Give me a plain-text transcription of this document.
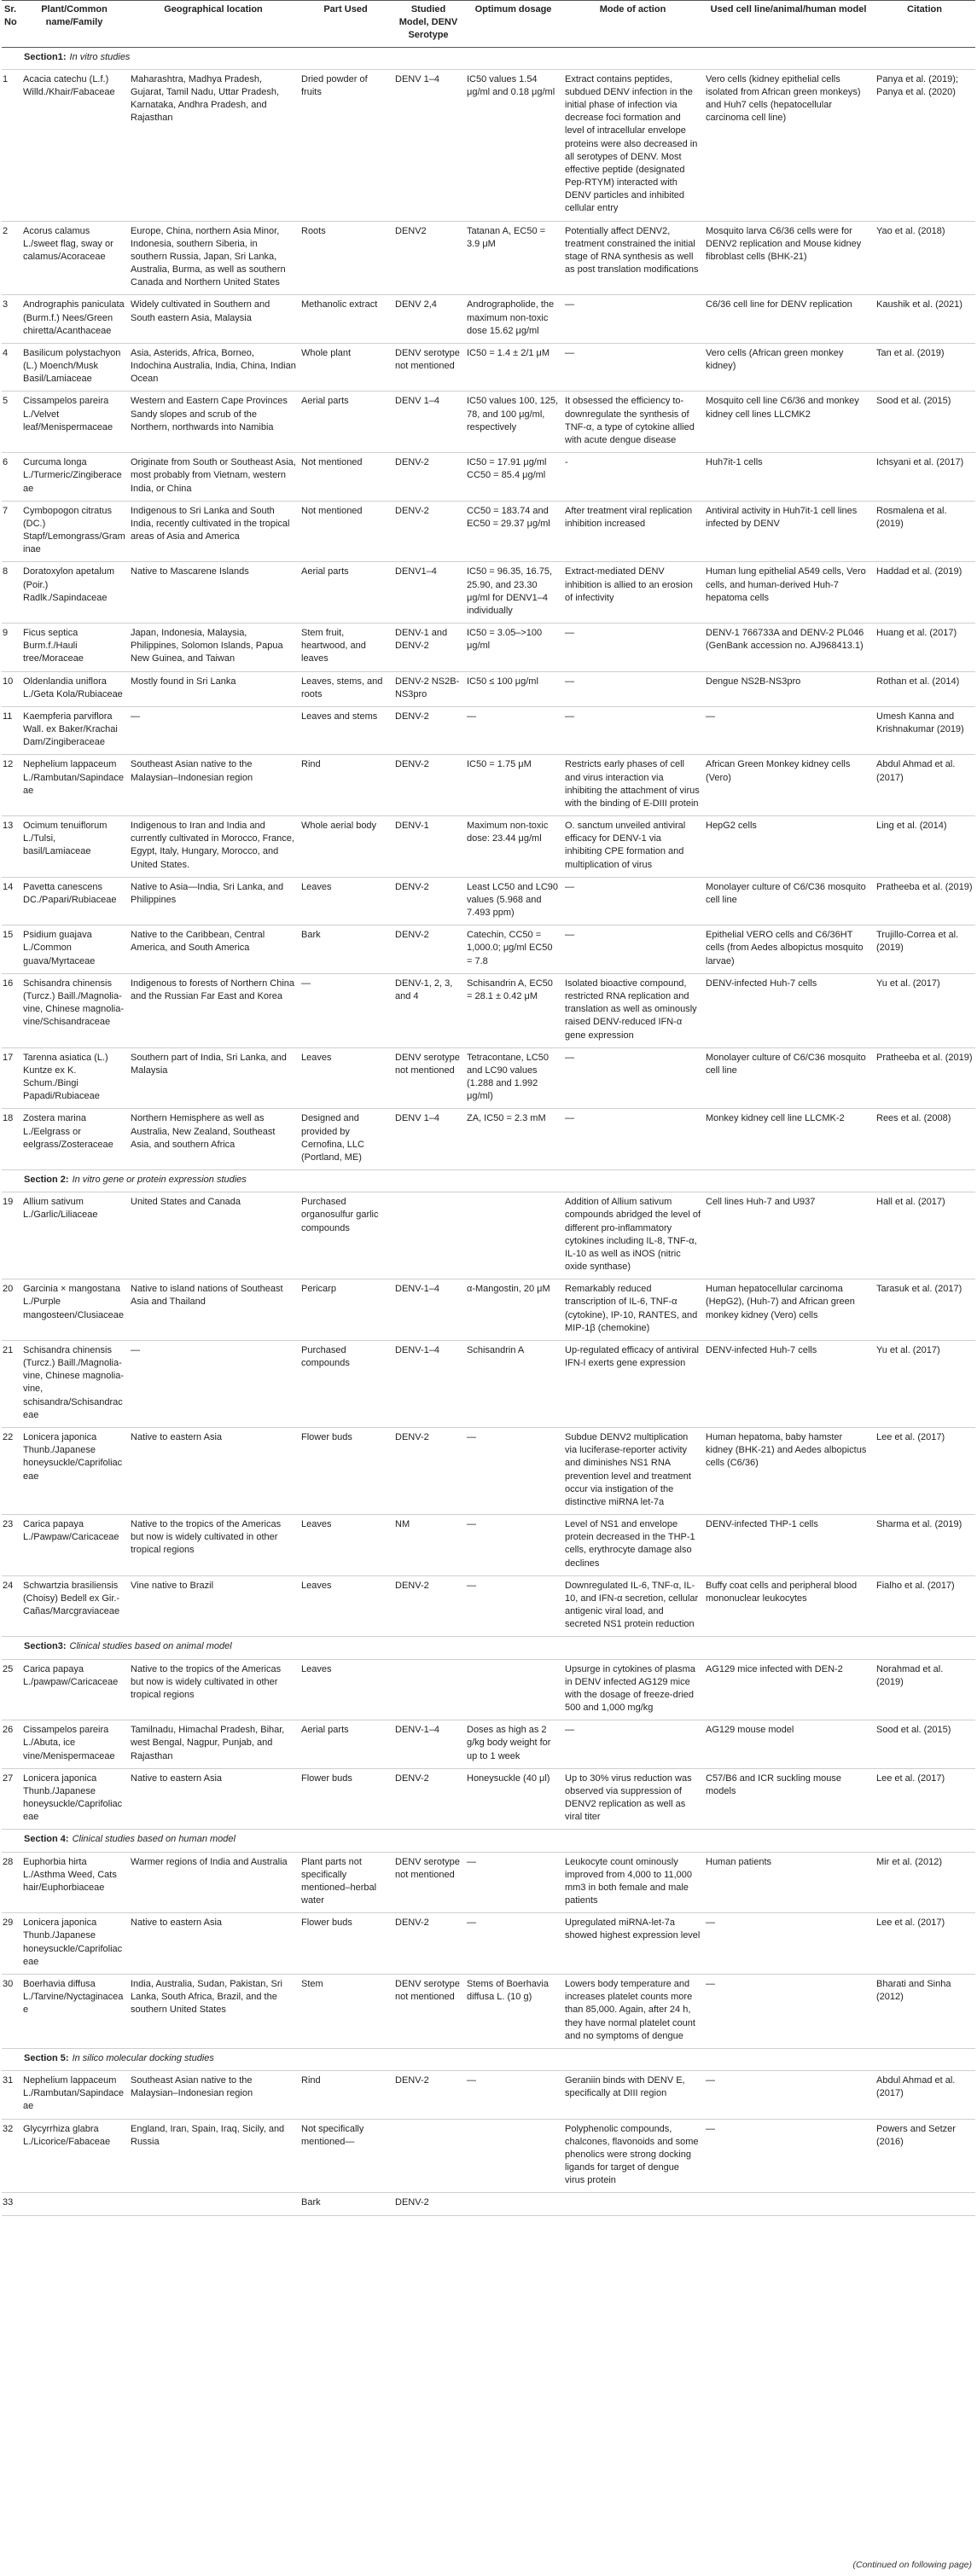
Sr. No	Plant/Common name/Family	Geographical location	Part Used	Studied Model, DENV Serotype	Optimum dosage	Mode of action	Used cell line/animal/human model	Citation
Section1: In vitro studies								
1	Acacia catechu (L.f.) Willd./Khair/Fabaceae	Maharashtra, Madhya Pradesh, Gujarat, Tamil Nadu, Uttar Pradesh, Karnataka, Andhra Pradesh, and Rajasthan	Dried powder of fruits	DENV 1–4	IC50 values 1.54 μg/ml and 0.18 μg/ml	Extract contains peptides, subdued DENV infection in the initial phase of infection via decrease foci formation and level of intracellular envelope proteins were also decreased in all serotypes of DENV. Most effective peptide (designated Pep-RTYM) interacted with DENV particles and inhibited cellular entry	Vero cells (kidney epithelial cells isolated from African green monkeys) and Huh7 cells (hepatocellular carcinoma cell line)	Panya et al. (2019); Panya et al. (2020)
2	Acorus calamus L./sweet flag, sway or calamus/Acoraceae	Europe, China, northern Asia Minor, Indonesia, southern Siberia, in southern Russia, Japan, Sri Lanka, Australia, Burma, as well as southern Canada and Northern United States	Roots	DENV2	Tatanan A, EC50 = 3.9 μM	Potentially affect DENV2, treatment constrained the initial stage of RNA synthesis as well as post translation modifications	Mosquito larva C6/36 cells were for DENV2 replication and Mouse kidney fibroblast cells (BHK-21)	Yao et al. (2018)
3	Andrographis paniculata (Burm.f.) Nees/Green chiretta/Acanthaceae	Widely cultivated in Southern and South eastern Asia, Malaysia	Methanolic extract	DENV 2,4	Andrographolide, the maximum non-toxic dose 15.62 μg/ml	—	C6/36 cell line for DENV replication	Kaushik et al. (2021)
4	Basilicum polystachyon (L.) Moench/Musk Basil/Lamiaceae	Asia, Asterids, Africa, Borneo, Indochina Australia, India, China, Indian Ocean	Whole plant	DENV serotype not mentioned	IC50 = 1.4 ± 2/1 μM	—	Vero cells (African green monkey kidney)	Tan et al. (2019)
5	Cissampelos pareira L./Velvet leaf/Menispermaceae	Western and Eastern Cape Provinces Sandy slopes and scrub of the Northern, northwards into Namibia	Aerial parts	DENV 1–4	IC50 values 100, 125, 78, and 100 μg/ml, respectively	It obsessed the efficiency to-downregulate the synthesis of TNF-α, a type of cytokine allied with acute dengue disease	Mosquito cell line C6/36 and monkey kidney cell lines LLCMK2	Sood et al. (2015)
6	Curcuma longa L./Turmeric/Zingiberaceae	Originate from South or Southeast Asia, most probably from Vietnam, western India, or China	Not mentioned	DENV-2	IC50 = 17.91 μg/ml CC50 = 85.4 μg/ml	-	Huh7it-1 cells	Ichsyani et al. (2017)
7	Cymbopogon citratus (DC.) Stapf/Lemongrass/Graminae	Indigenous to Sri Lanka and South India, recently cultivated in the tropical areas of Asia and America	Not mentioned	DENV-2	CC50 = 183.74 and EC50 = 29.37 μg/ml	After treatment viral replication inhibition increased	Antiviral activity in Huh7it-1 cell lines infected by DENV	Rosmalena et al. (2019)
8	Doratoxylon apetalum (Poir.) Radlk./Sapindaceae	Native to Mascarene Islands	Aerial parts	DENV1–4	IC50 = 96.35, 16.75, 25.90, and 23.30 μg/ml for DENV1–4 individually	Extract-mediated DENV inhibition is allied to an erosion of infectivity	Human lung epithelial A549 cells, Vero cells, and human-derived Huh-7 hepatoma cells	Haddad et al. (2019)
9	Ficus septica Burm.f./Hauli tree/Moraceae	Japan, Indonesia, Malaysia, Philippines, Solomon Islands, Papua New Guinea, and Taiwan	Stem fruit, heartwood, and leaves	DENV-1 and DENV-2	IC50 = 3.05–>100 μg/ml	—	DENV-1 766733A and DENV-2 PL046 (GenBank accession no. AJ968413.1)	Huang et al. (2017)
10	Oldenlandia uniflora L./Geta Kola/Rubiaceae	Mostly found in Sri Lanka	Leaves, stems, and roots	DENV-2 NS2B-NS3pro	IC50 ≤ 100 μg/ml	—	Dengue NS2B-NS3pro	Rothan et al. (2014)
11	Kaempferia parviflora Wall. ex Baker/Krachai Dam/Zingiberaceae	—	Leaves and stems	DENV-2	—	—	—	Umesh Kanna and Krishnakumar (2019)
12	Nephelium lappaceum L./Rambutan/Sapindaceae	Southeast Asian native to the Malaysian–Indonesian region	Rind	DENV-2	IC50 = 1.75 μM	Restricts early phases of cell and virus interaction via inhibiting the attachment of virus with the binding of E-DIII protein	African Green Monkey kidney cells (Vero)	Abdul Ahmad et al. (2017)
13	Ocimum tenuiflorum L./Tulsi, basil/Lamiaceae	Indigenous to Iran and India and currently cultivated in Morocco, France, Egypt, Italy, Hungary, Morocco, and United States.	Whole aerial body	DENV-1	Maximum non-toxic dose: 23.44 μg/ml	O. sanctum unveiled antiviral efficacy for DENV-1 via inhibiting CPE formation and multiplication of virus	HepG2 cells	Ling et al. (2014)
14	Pavetta canescens DC./Papari/Rubiaceae	Native to Asia—India, Sri Lanka, and Philippines	Leaves	DENV-2	Least LC50 and LC90 values (5.968 and 7.493 ppm)	—	Monolayer culture of C6/C36 mosquito cell line	Pratheeba et al. (2019)
15	Psidium guajava L./Common guava/Myrtaceae	Native to the Caribbean, Central America, and South America	Bark	DENV-2	Catechin, CC50 = 1,000.0; μg/ml EC50 = 7.8	—	Epithelial VERO cells and C6/36HT cells (from Aedes albopictus mosquito larvae)	Trujillo-Correa et al. (2019)
16	Schisandra chinensis (Turcz.) Baill./Magnolia-vine, Chinese magnolia-vine/Schisandraceae	Indigenous to forests of Northern China and the Russian Far East and Korea	—	DENV-1, 2, 3, and 4	Schisandrin A, EC50 = 28.1 ± 0.42 μM	Isolated bioactive compound, restricted RNA replication and translation as well as ominously raised DENV-reduced IFN-α gene expression	DENV-infected Huh-7 cells	Yu et al. (2017)
17	Tarenna asiatica (L.) Kuntze ex K. Schum./Bingi Papadi/Rubiaceae	Southern part of India, Sri Lanka, and Malaysia	Leaves	DENV serotype not mentioned	Tetracontane, LC50 and LC90 values (1.288 and 1.992 μg/ml)	—	Monolayer culture of C6/C36 mosquito cell line	Pratheeba et al. (2019)
18	Zostera marina L./Eelgrass or eelgrass/Zosteraceae	Northern Hemisphere as well as Australia, New Zealand, Southeast Asia, and southern Africa	Designed and provided by Cernofina, LLC (Portland, ME)	DENV 1–4	ZA, IC50 = 2.3 mM	—	Monkey kidney cell line LLCMK-2	Rees et al. (2008)
Section 2: In vitro gene or protein expression studies								
19	Allium sativum L./Garlic/Liliaceae	United States and Canada	Purchased organosulfur garlic compounds			Addition of Allium sativum compounds abridged the level of different pro-inflammatory cytokines including IL-8, TNF-α, IL-10 as well as iNOS (nitric oxide synthase)	Cell lines Huh-7 and U937	Hall et al. (2017)
20	Garcinia × mangostana L./Purple mangosteen/Clusiaceae	Native to island nations of Southeast Asia and Thailand	Pericarp	DENV-1–4	α-Mangostin, 20 μM	Remarkably reduced transcription of IL-6, TNF-α (cytokine), IP-10, RANTES, and MIP-1β (chemokine)	Human hepatocellular carcinoma (HepG2), (Huh-7) and African green monkey kidney (Vero) cells	Tarasuk et al. (2017)
21	Schisandra chinensis (Turcz.) Baill./Magnolia-vine, Chinese magnolia-vine, schisandra/Schisandraceae	—	Purchased compounds	DENV-1–4	Schisandrin A	Up-regulated efficacy of antiviral IFN-I exerts gene expression	DENV-infected Huh-7 cells	Yu et al. (2017)
22	Lonicera japonica Thunb./Japanese honeysuckle/Caprifoliaceae	Native to eastern Asia	Flower buds	DENV-2	—	Subdue DENV2 multiplication via luciferase-reporter activity and diminishes NS1 RNA prevention level and treatment occur via instigation of the distinctive miRNA let-7a	Human hepatoma, baby hamster kidney (BHK-21) and Aedes albopictus cells (C6/36)	Lee et al. (2017)
23	Carica papaya L./Pawpaw/Caricaceae	Native to the tropics of the Americas but now is widely cultivated in other tropical regions	Leaves	NM	—	Level of NS1 and envelope protein decreased in the THP-1 cells, erythrocyte damage also declines	DENV-infected THP-1 cells	Sharma et al. (2019)
24	Schwartzia brasiliensis (Choisy) Bedell ex Gir.-Cañas/Marcgraviaceae	Vine native to Brazil	Leaves	DENV-2	—	Downregulated IL-6, TNF-α, IL-10, and IFN-α secretion, cellular antigenic viral load, and secreted NS1 protein reduction	Buffy coat cells and peripheral blood mononuclear leukocytes	Fialho et al. (2017)
Section3: Clinical studies based on animal model								
25	Carica papaya L./pawpaw/Caricaceae	Native to the tropics of the Americas but now is widely cultivated in other tropical regions	Leaves			Upsurge in cytokines of plasma in DENV infected AG129 mice with the dosage of freeze-dried 500 and 1,000 mg/kg	AG129 mice infected with DEN-2	Norahmad et al. (2019)
26	Cissampelos pareira L./Abuta, ice vine/Menispermaceae	Tamilnadu, Himachal Pradesh, Bihar, west Bengal, Nagpur, Punjab, and Rajasthan	Aerial parts	DENV-1–4	Doses as high as 2 g/kg body weight for up to 1 week	—	AG129 mouse model	Sood et al. (2015)
27	Lonicera japonica Thunb./Japanese honeysuckle/Caprifoliaceae	Native to eastern Asia	Flower buds	DENV-2	Honeysuckle (40 μl)	Up to 30% virus reduction was observed via suppression of DENV2 replication as well as viral titer	C57/B6 and ICR suckling mouse models	Lee et al. (2017)
Section 4: Clinical studies based on human model								
28	Euphorbia hirta L./Asthma Weed, Cats hair/Euphorbiaceae	Warmer regions of India and Australia	Plant parts not specifically mentioned–herbal water	DENV serotype not mentioned	—	Leukocyte count ominously improved from 4,000 to 11,000 mm3 in both female and male patients	Human patients	Mir et al. (2012)
29	Lonicera japonica Thunb./Japanese honeysuckle/Caprifoliaceae	Native to eastern Asia	Flower buds	DENV-2	—	Upregulated miRNA-let-7a showed highest expression level	—	Lee et al. (2017)
30	Boerhavia diffusa L./Tarvine/Nyctaginaceae	India, Australia, Sudan, Pakistan, Sri Lanka, South Africa, Brazil, and the southern United States	Stem	DENV serotype not mentioned	Stems of Boerhavia diffusa L. (10 g)	Lowers body temperature and increases platelet counts more than 85,000. Again, after 24 h, they have normal platelet count and no symptoms of dengue	—	Bharati and Sinha (2012)
Section 5: In silico molecular docking studies								
31	Nephelium lappaceum L./Rambutan/Sapindaceae	Southeast Asian native to the Malaysian–Indonesian region	Rind	DENV-2	—	Geraniin binds with DENV E, specifically at DIII region	—	Abdul Ahmad et al. (2017)
32	Glycyrrhiza glabra L./Licorice/Fabaceae	England, Iran, Spain, Iraq, Sicily, and Russia	Not specifically mentioned—			Polyphenolic compounds, chalcones, flavonoids and some phenolics were strong docking ligands for target of dengue virus protein	—	Powers and Setzer (2016)
33			Bark	DENV-2				
(Continued on following page)
